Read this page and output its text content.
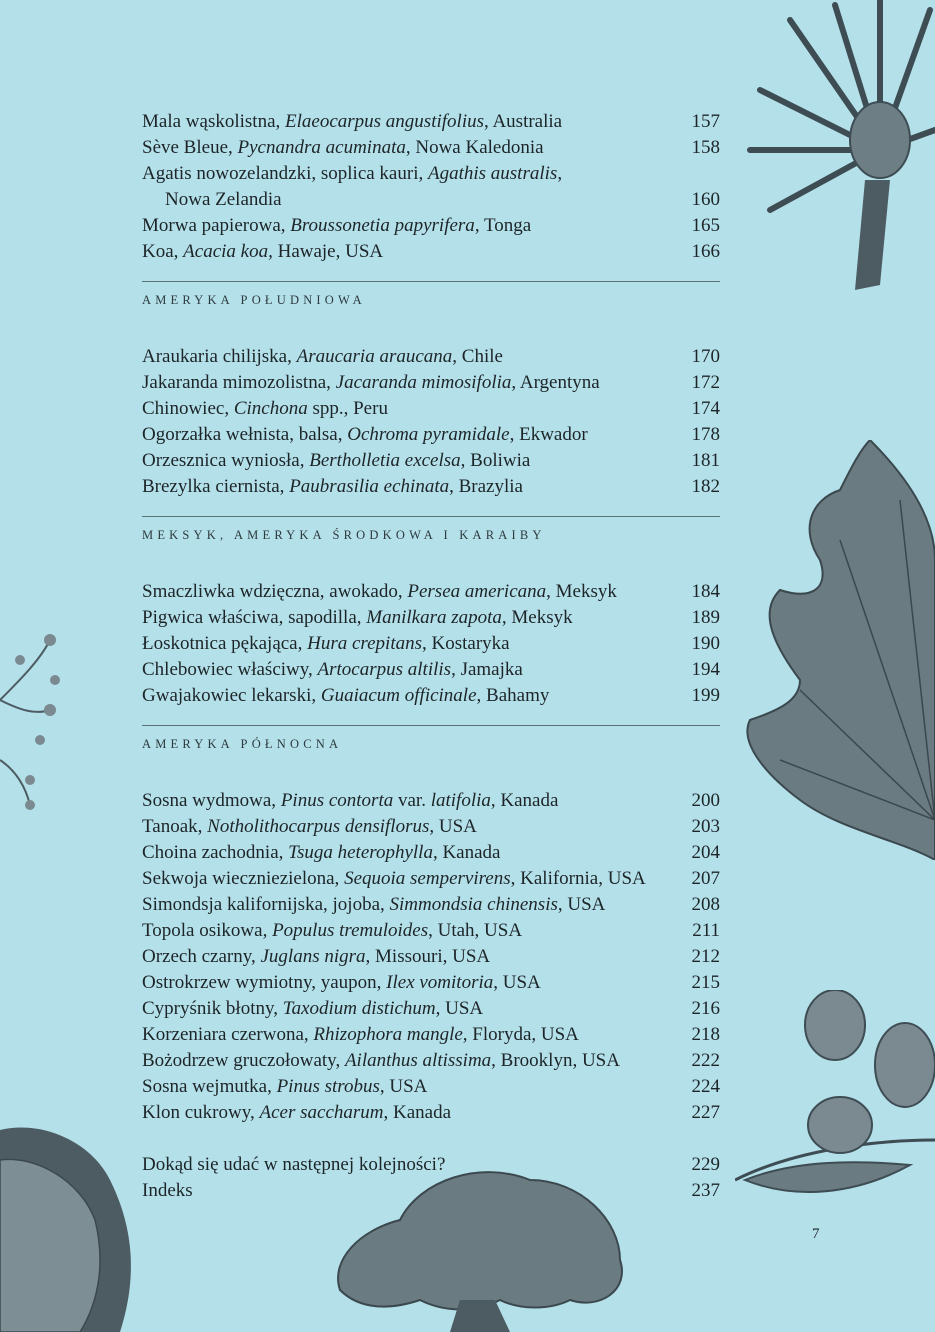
Mala wąskolistna, Elaeocarpus angustifolius, Australia	157
Sève Bleue, Pycnandra acuminata, Nowa Kaledonia	158
Agatis nowozelandzki, soplica kauri, Agathis australis,
Nowa Zelandia	160
Morwa papierowa, Broussonetia papyrifera, Tonga	165
Koa, Acacia koa, Hawaje, USA	166
AMERYKA POŁUDNIOWA
Araukaria chilijska, Araucaria araucana, Chile	170
Jakaranda mimozolistna, Jacaranda mimosifolia, Argentyna	172
Chinowiec, Cinchona spp., Peru	174
Ogorzałka wełnista, balsa, Ochroma pyramidale, Ekwador	178
Orzesznica wyniosła, Bertholletia excelsa, Boliwia	181
Brezylka ciernista, Paubrasilia echinata, Brazylia	182
MEKSYK, AMERYKA ŚRODKOWA I KARAIBY
Smaczliwka wdzięczna, awokado, Persea americana, Meksyk	184
Pigwica właściwa, sapodilla, Manilkara zapota, Meksyk	189
Łoskotnica pękająca, Hura crepitans, Kostaryka	190
Chlebowiec właściwy, Artocarpus altilis, Jamajka	194
Gwajakowiec lekarski, Guaiacum officinale, Bahamy	199
AMERYKA PÓŁNOCNA
Sosna wydmowa, Pinus contorta var. latifolia, Kanada	200
Tanoak, Notholithocarpus densiflorus, USA	203
Choina zachodnia, Tsuga heterophylla, Kanada	204
Sekwoja wieczniezielona, Sequoia sempervirens, Kalifornia, USA	207
Simondsja kalifornijska, jojoba, Simmondsia chinensis, USA	208
Topola osikowa, Populus tremuloides, Utah, USA	211
Orzech czarny, Juglans nigra, Missouri, USA	212
Ostrokrzew wymiotny, yaupon, Ilex vomitoria, USA	215
Cypryśnik błotny, Taxodium distichum, USA	216
Korzeniara czerwona, Rhizophora mangle, Floryda, USA	218
Bożodrzew gruczołowaty, Ailanthus altissima, Brooklyn, USA	222
Sosna wejmutka, Pinus strobus, USA	224
Klon cukrowy, Acer saccharum, Kanada	227
Dokąd się udać w następnej kolejności?	229
Indeks	237
7
